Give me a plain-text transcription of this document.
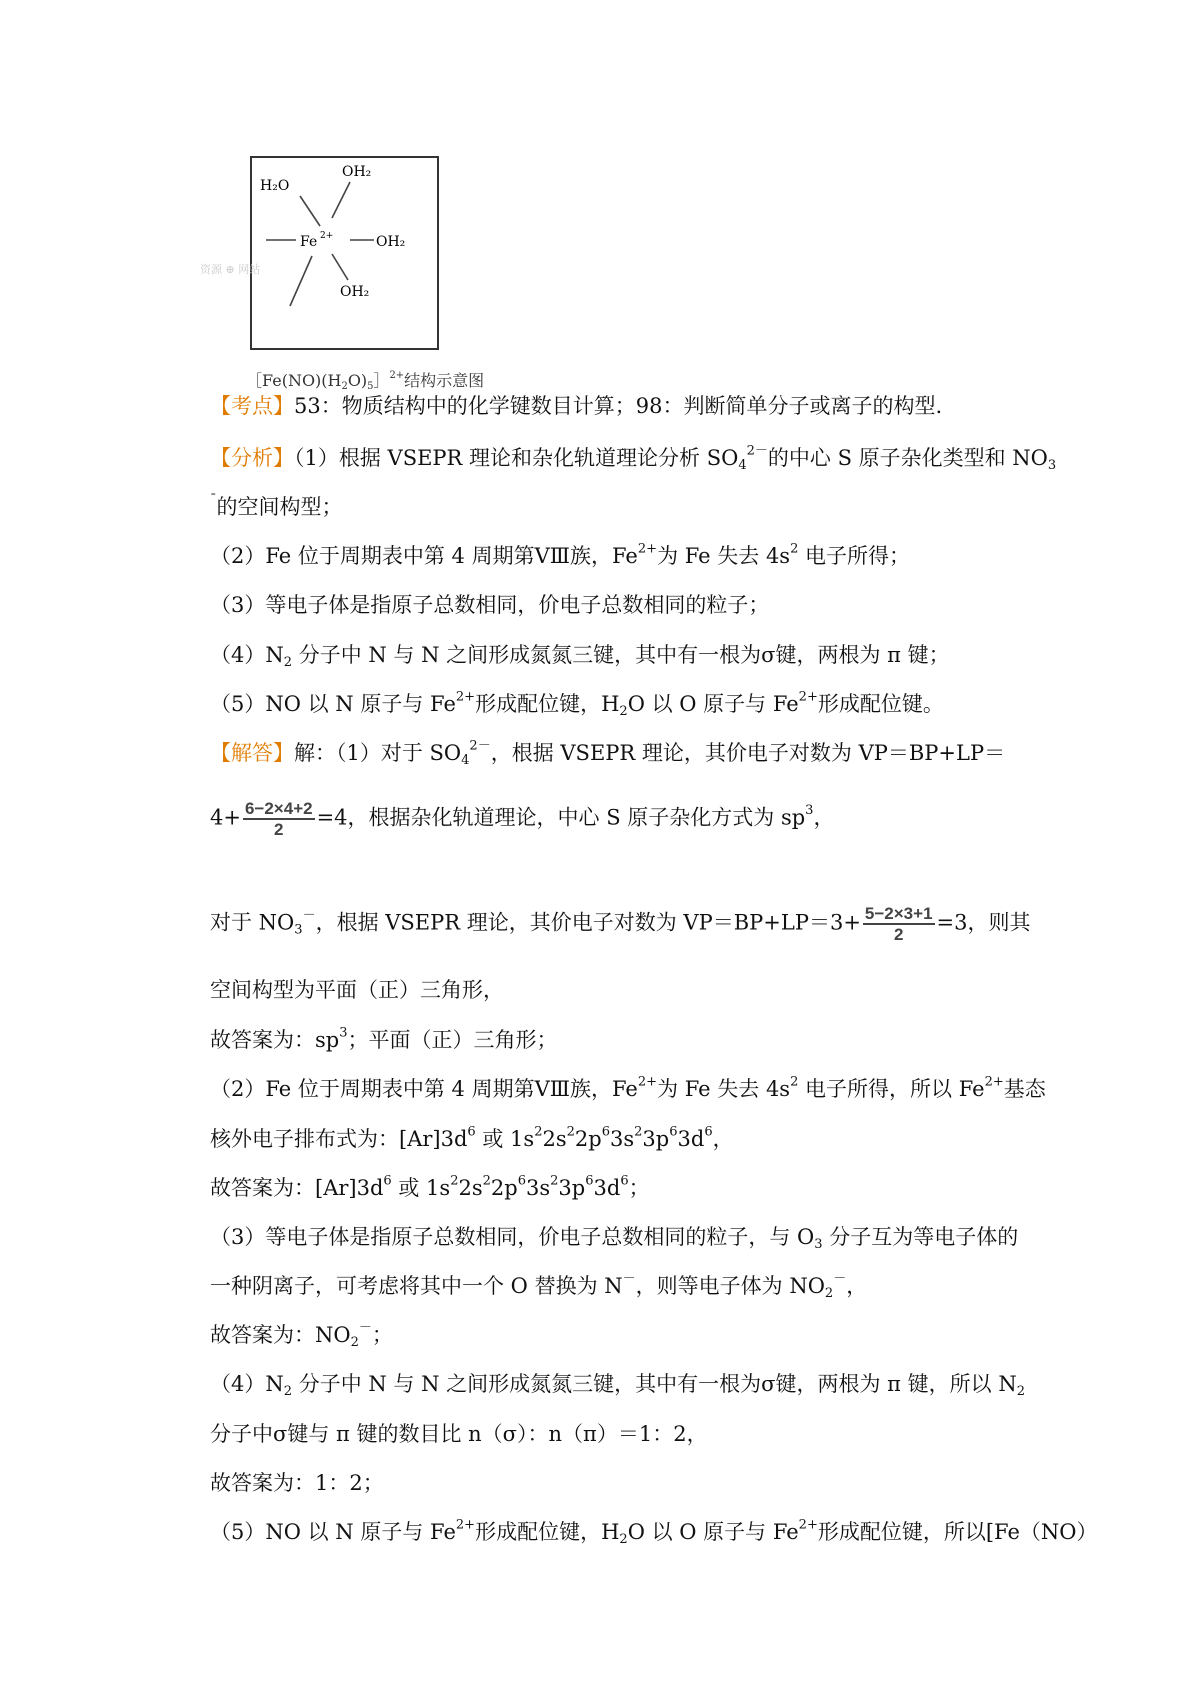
H₂O
OH₂
Fe 2+	OH₂
OH₂
资源 ⊕ 网站
$[Fe(NO)(H_2O)_5]^{2+}$结构示意图
【考点】53：物质结构中的化学键数目计算；98：判断简单分子或离子的构型.
【分析】（1）根据 VSEPR 理论和杂化轨道理论分析 $SO_4^{2-}$的中心 S 原子杂化类型和 $NO_3$
$^ˉ$的空间构型；
（2）Fe 位于周期表中第 4 周期第ⅤⅢ族，$Fe^{2+}$为 Fe 失去 $4s^2$ 电子所得；
（3）等电子体是指原子总数相同，价电子总数相同的粒子；
$(4)N_2$ 分子中 N 与 N 之间形成氮氮三键，其中有一根为σ键，两根为 π 键；
（5）NO 以 N 原子与 $Fe^{2+}$形成配位键，$H_2O$ 以 O 原子与 $Fe^{2+}$形成配位键。
【解答】解：（1）对于 $SO_4^{2-}$，根据 VSEPR 理论，其价电子对数为 VP＝BP+LP＝
$4+ \frac{6-2\times 4+2}{2} =4$，根据杂化轨道理论，中心 S 原子杂化方式为 $sp^3$，
对于 $NO_3^-$，根据 VSEPR 理论，其价电子对数为 $VP=BP+LP=3+ \frac{5-2\times 3+1}{2} =3$，则其
空间构型为平面（正）三角形，
故答案为：$sp^3$；平面（正）三角形；
（2）Fe 位于周期表中第 4 周期第ⅤⅢ族，$Fe^{2+}$为 Fe 失去 $4s^2$ 电子所得，所以 $Fe^{2+}$基态
核外电子排布式为：$[Ar]3d^6$ 或 $1s^22s^22p^63s^23p^63d^6$，
故答案为：$[Ar]3d^6$ 或 $1s^22s^22p^63s^23p^63d^6$；
（3）等电子体是指原子总数相同，价电子总数相同的粒子，与 $O_3$ 分子互为等电子体的
一种阴离子，可考虑将其中一个 O 替换为 N－，则等电子体为 $NO_2^-$，
故答案为：$NO_2^-$；
$(4)N_2$ 分子中 N 与 N 之间形成氮氮三键，其中有一根为σ键，两根为 π 键，所以 $N_2$
分子中σ键与 π 键的数目比 n（σ）：n（π）＝1：2，
故答案为：1：2；
（5）NO 以 N 原子与 $Fe^{2+}$形成配位键，$H_2O$ 以 O 原子与 $Fe^{2+}$形成配位键，所以[Fe（NO）
